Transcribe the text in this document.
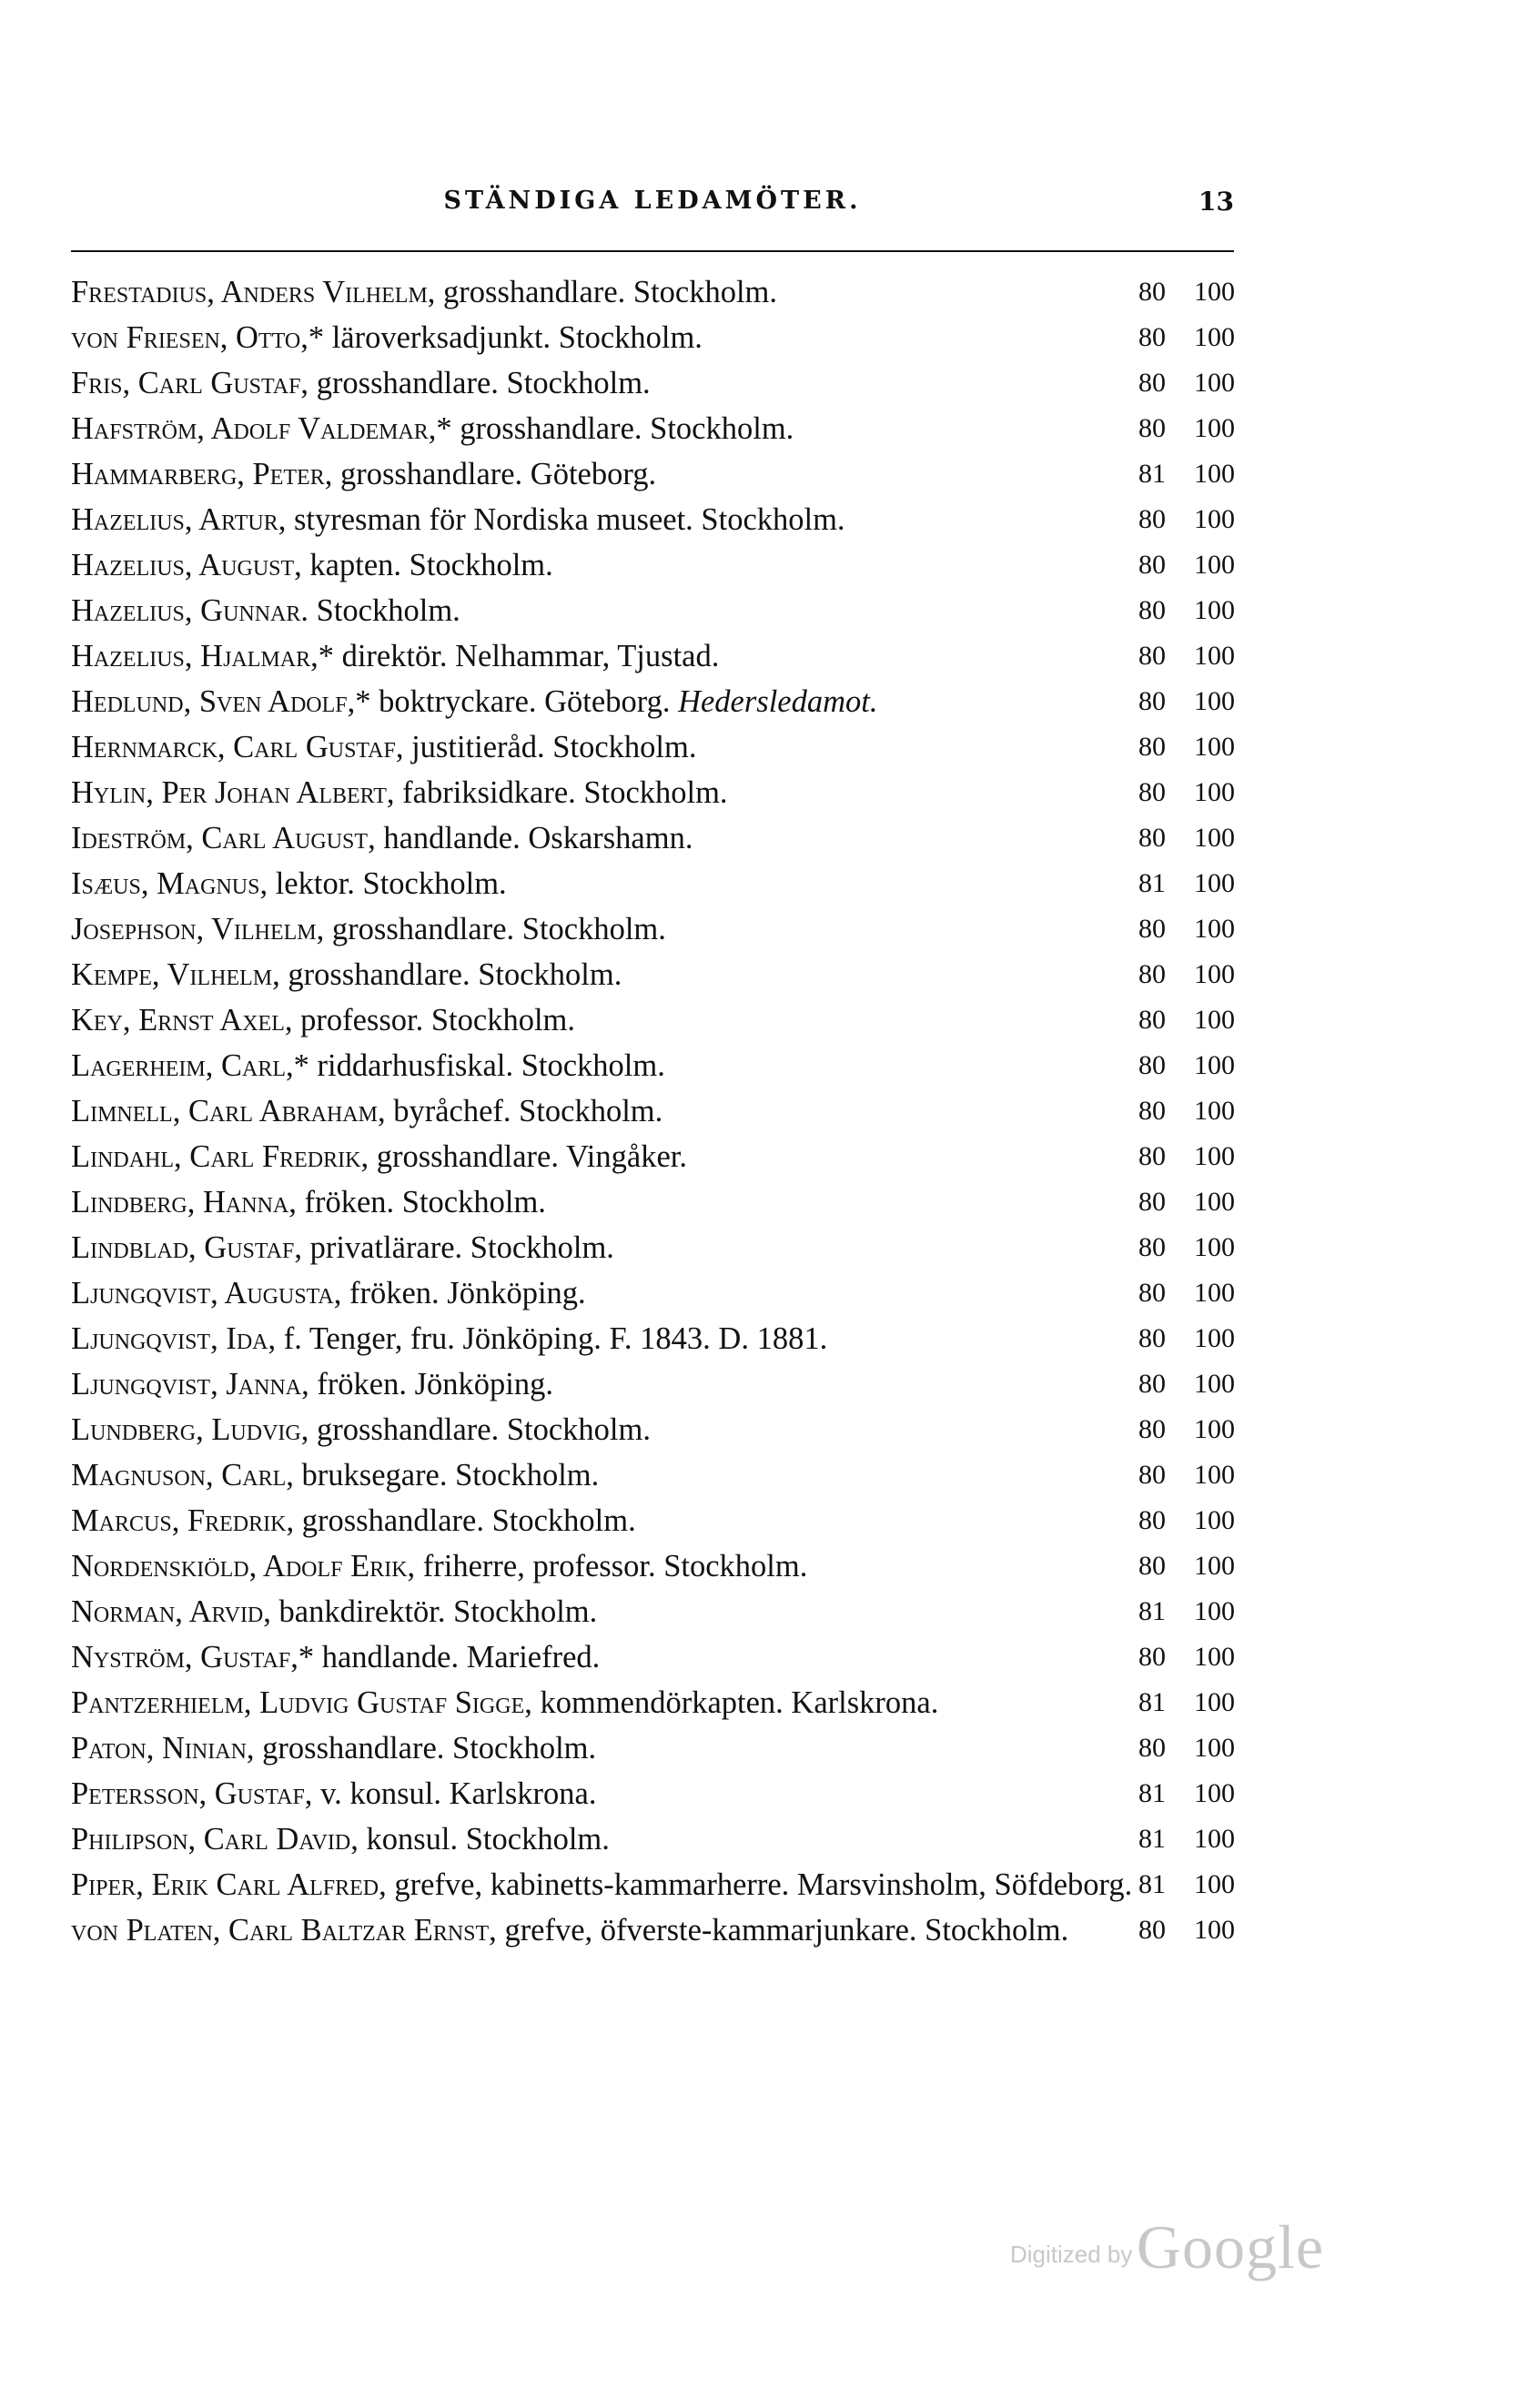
STÄNDIGA LEDAMÖTER.	13
Frestadius, Anders Vilhelm, grosshandlare. Stockholm.	80 100
von Friesen, Otto,* läroverksadjunkt. Stockholm.	80 100
Fris, Carl Gustaf, grosshandlare. Stockholm.	80 100
Hafström, Adolf Valdemar,* grosshandlare. Stockholm.	80 100
Hammarberg, Peter, grosshandlare. Göteborg.	81 100
Hazelius, Artur, styresman för Nordiska museet. Stockholm.	80 100
Hazelius, August, kapten. Stockholm.	80 100
Hazelius, Gunnar. Stockholm.	80 100
Hazelius, Hjalmar,* direktör. Nelhammar, Tjustad.	80 100
Hedlund, Sven Adolf,* boktryckare. Göteborg. Hedersledamot.	80 100
Hernmarck, Carl Gustaf, justitieråd. Stockholm.	80 100
Hylin, Per Johan Albert, fabriksidkare. Stockholm.	80 100
Ideström, Carl August, handlande. Oskarshamn.	80 100
Isæus, Magnus, lektor. Stockholm.	81 100
Josephson, Vilhelm, grosshandlare. Stockholm.	80 100
Kempe, Vilhelm, grosshandlare. Stockholm.	80 100
Key, Ernst Axel, professor. Stockholm.	80 100
Lagerheim, Carl,* riddarhusfiskal. Stockholm.	80 100
Limnell, Carl Abraham, byråchef. Stockholm.	80 100
Lindahl, Carl Fredrik, grosshandlare. Vingåker.	80 100
Lindberg, Hanna, fröken. Stockholm.	80 100
Lindblad, Gustaf, privatlärare. Stockholm.	80 100
Ljungqvist, Augusta, fröken. Jönköping.	80 100
Ljungqvist, Ida, f. Tenger, fru. Jönköping. F. 1843. D. 1881.	80 100
Ljungqvist, Janna, fröken. Jönköping.	80 100
Lundberg, Ludvig, grosshandlare. Stockholm.	80 100
Magnuson, Carl, bruksegare. Stockholm.	80 100
Marcus, Fredrik, grosshandlare. Stockholm.	80 100
Nordenskiöld, Adolf Erik, friherre, professor. Stockholm.	80 100
Norman, Arvid, bankdirektör. Stockholm.	81 100
Nyström, Gustaf,* handlande. Mariefred.	80 100
Pantzerhielm, Ludvig Gustaf Sigge, kommendörkapten. Karlskrona.	81 100
Paton, Ninian, grosshandlare. Stockholm.	80 100
Petersson, Gustaf, v. konsul. Karlskrona.	81 100
Philipson, Carl David, konsul. Stockholm.	81 100
Piper, Erik Carl Alfred, grefve, kabinetts-kammarherre. Marsvinsholm, Söfdeborg. 81 100
von Platen, Carl Baltzar Ernst, grefve, öfverste-kammarjunkare. Stockholm.	80 100
Digitized by Google
